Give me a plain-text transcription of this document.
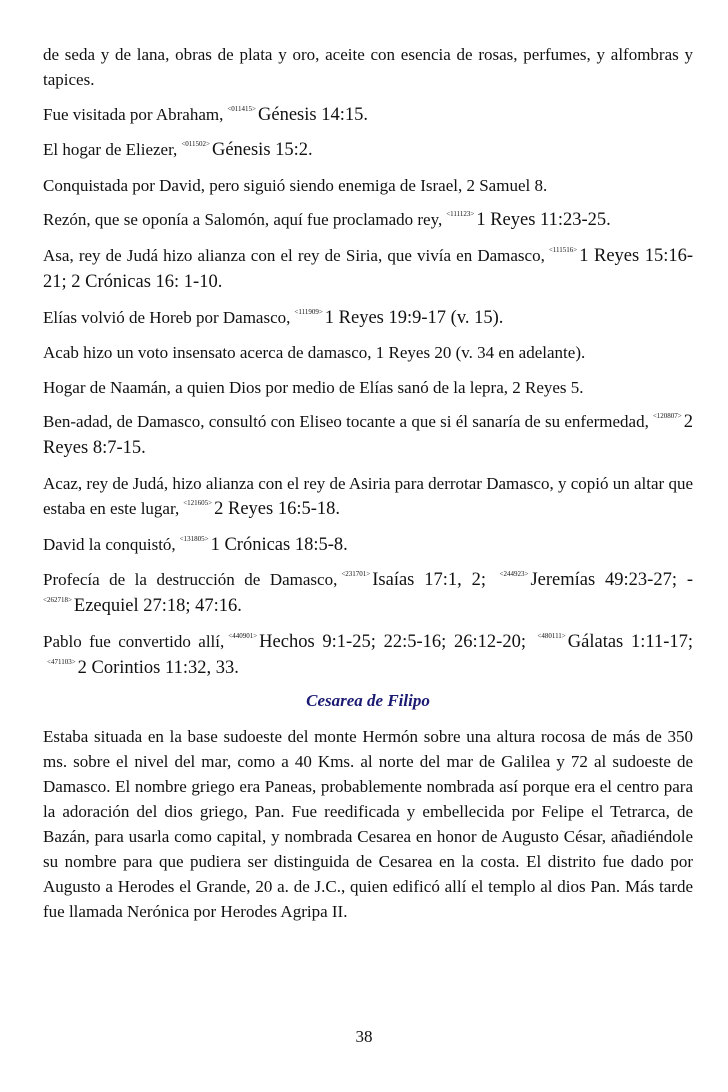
de seda y de lana, obras de plata y oro, aceite con esencia de rosas, perfumes, y alfombras y tapices.

Fue visitada por Abraham, $^{<011415>}$ Génesis 14:15.

El hogar de Eliezer, $^{<011502>}$ Génesis 15:2.

Conquistada por David, pero siguió siendo enemiga de Israel, 2 Samuel 8.

Rezón, que se oponía a Salomón, aquí fue proclamado rey, $^{<111123>}$ 1 Reyes 11:23-25.

Asa, rey de Judá hizo alianza con el rey de Siria, que vivía en Damasco, $^{<111516>}$ 1 Reyes 15:16-21; 2 Crónicas 16: 1-10.

Elías volvió de Horeb por Damasco, $^{<111909>}$ 1 Reyes 19:9-17 (v. 15).

Acab hizo un voto insensato acerca de damasco, 1 Reyes 20 (v. 34 en adelante).

Hogar de Naamán, a quien Dios por medio de Elías sanó de la lepra, 2 Reyes 5.

Ben-adad, de Damasco, consultó con Eliseo tocante a que si él sanaría de su enfermedad, $^{<120807>}$ 2 Reyes 8:7-15.

Acaz, rey de Judá, hizo alianza con el rey de Asiria para derrotar Damasco, y copió un altar que estaba en este lugar, $^{<121605>}$ 2 Reyes 16:5-18.

David la conquistó, $^{<131805>}$ 1 Crónicas 18:5-8.

Profecía de la destrucción de Damasco, $^{<231701>}$ Isaías 17:1, 2; $^{<244923>}$ Jeremías 49:23-27; -$^{<262718>}$ Ezequiel 27:18; 47:16.

Pablo fue convertido allí, $^{<440901>}$ Hechos 9:1-25; 22:5-16; 26:12-20; $^{<480111>}$ Gálatas 1:11-17; $^{<471103>}$ 2 Corintios 11:32, 33.

Cesarea de Filipo

Estaba situada en la base sudoeste del monte Hermón sobre una altura rocosa de más de 350 ms. sobre el nivel del mar, como a 40 Kms. al norte del mar de Galilea y 72 al sudoeste de Damasco. El nombre griego era Paneas, probablemente nombrada así porque era el centro para la adoración del dios griego, Pan. Fue reedificada y embellecida por Felipe el Tetrarca, de Bazán, para usarla como capital, y nombrada Cesarea en honor de Augusto César, añadiéndole su nombre para que pudiera ser distinguida de Cesarea en la costa. El distrito fue dado por Augusto a Herodes el Grande, 20 a. de J.C., quien edificó allí el templo al dios Pan. Más tarde fue llamada Nerónica por Herodes Agripa II.

38
